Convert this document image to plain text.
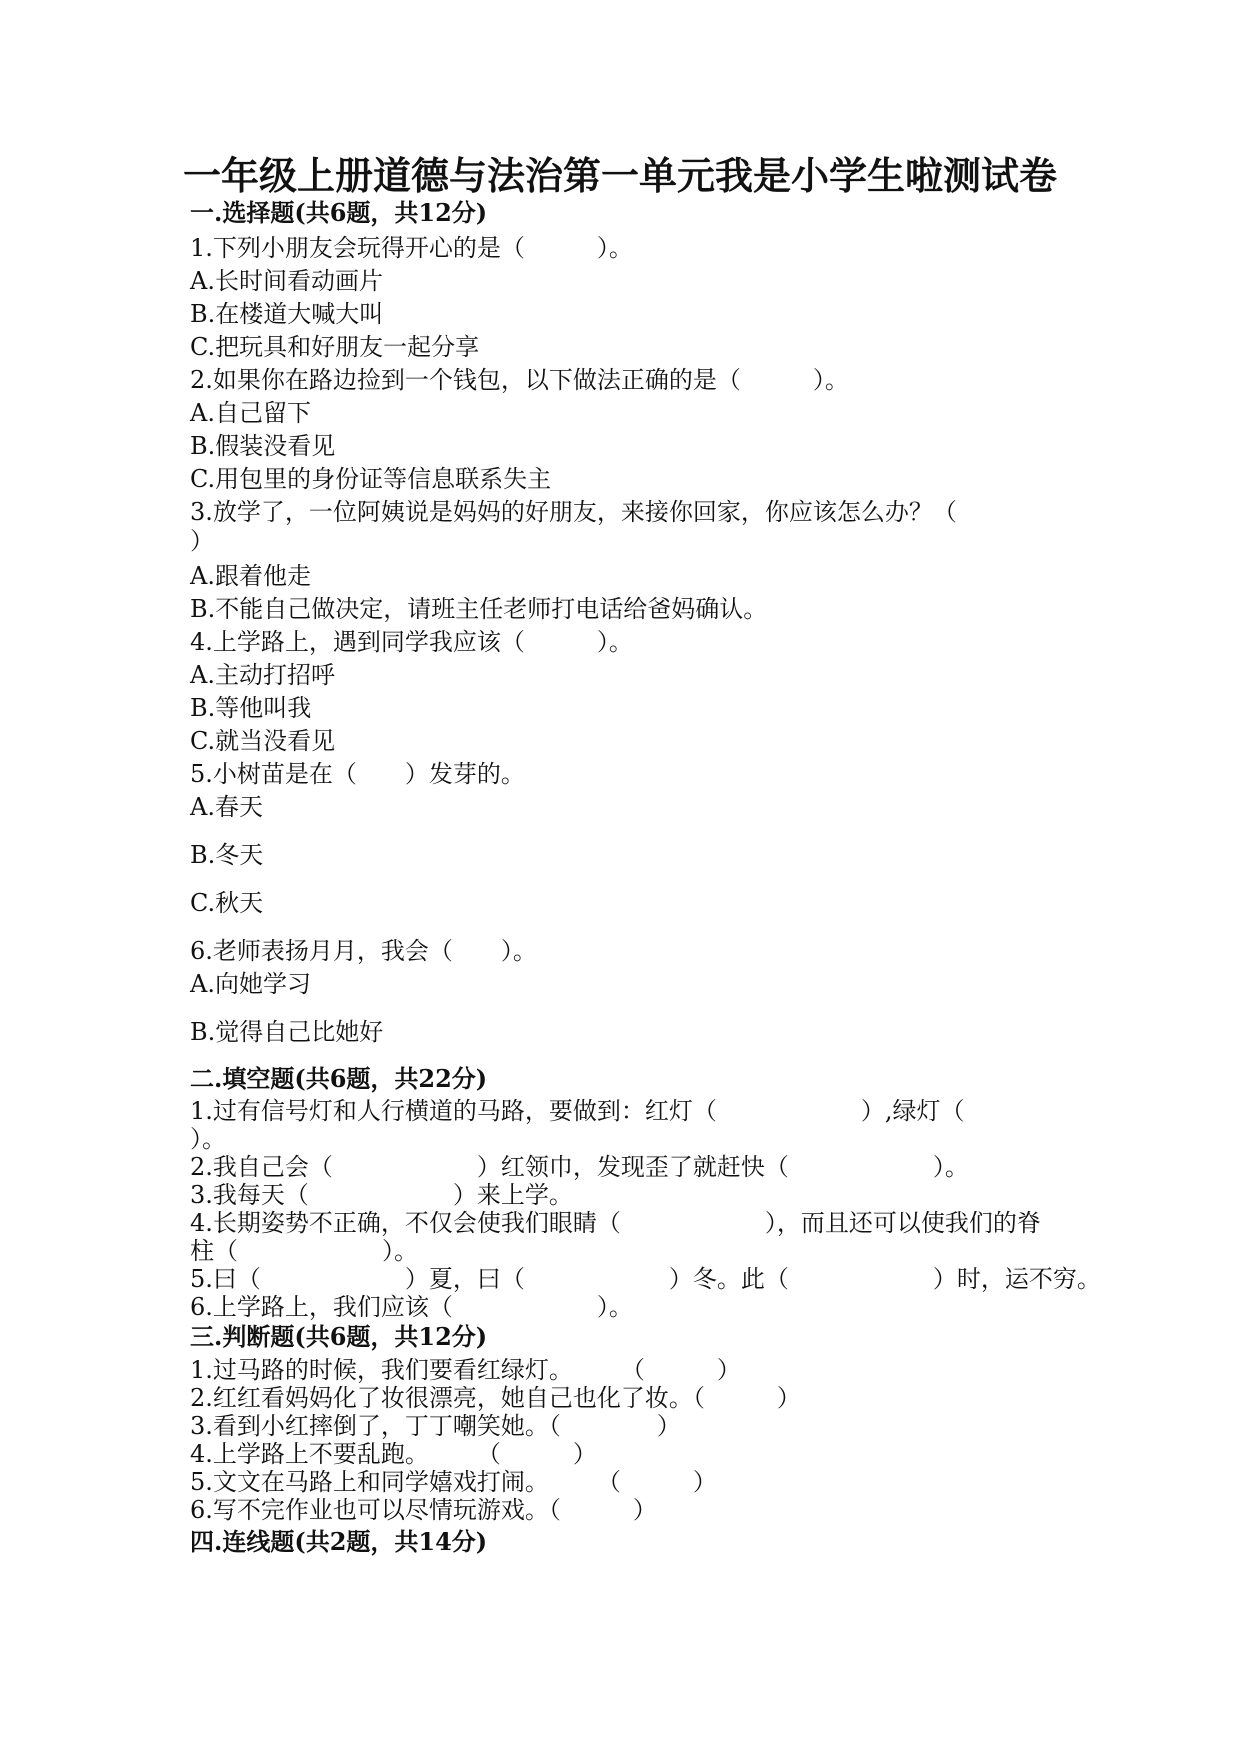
一年级上册道德与法治第一单元我是小学生啦测试卷
一.选择题(共6题，共12分)
1.下列小朋友会玩得开心的是（　　　）。
A.长时间看动画片
B.在楼道大喊大叫
C.把玩具和好朋友一起分享
2.如果你在路边捡到一个钱包，以下做法正确的是（　　　）。
A.自己留下
B.假装没看见
C.用包里的身份证等信息联系失主
3.放学了，一位阿姨说是妈妈的好朋友，来接你回家，你应该怎么办？（
）
A.跟着他走
B.不能自己做决定，请班主任老师打电话给爸妈确认。
4.上学路上，遇到同学我应该（　　　）。
A.主动打招呼
B.等他叫我
C.就当没看见
5.小树苗是在（　　）发芽的。
A.春天
B.冬天
C.秋天
6.老师表扬月月，我会（　　）。
A.向她学习
B.觉得自己比她好
二.填空题(共6题，共22分)
1.过有信号灯和人行横道的马路，要做到：红灯（　　　　　　）,绿灯（
）。
2.我自己会（　　　　　　）红领巾，发现歪了就赶快（　　　　　　）。
3.我每天（　　　　　　）来上学。
4.长期姿势不正确，不仅会使我们眼睛（　　　　　　），而且还可以使我们的脊
柱（　　　　　　）。
5.曰（　　　　　　）夏，曰（　　　　　　）冬。此（　　　　　　）时，运不穷。
6.上学路上，我们应该（　　　　　　）。
三.判断题(共6题，共12分)
1.过马路的时候，我们要看红绿灯。　　　（　　　）
2.红红看妈妈化了妆很漂亮，她自己也化了妆。（　　　）
3.看到小红摔倒了，丁丁嘲笑她。（　　　　）
4.上学路上不要乱跑。　　　（　　　）
5.文文在马路上和同学嬉戏打闹。　　　（　　　）
6.写不完作业也可以尽情玩游戏。（　　　）
四.连线题(共2题，共14分)
